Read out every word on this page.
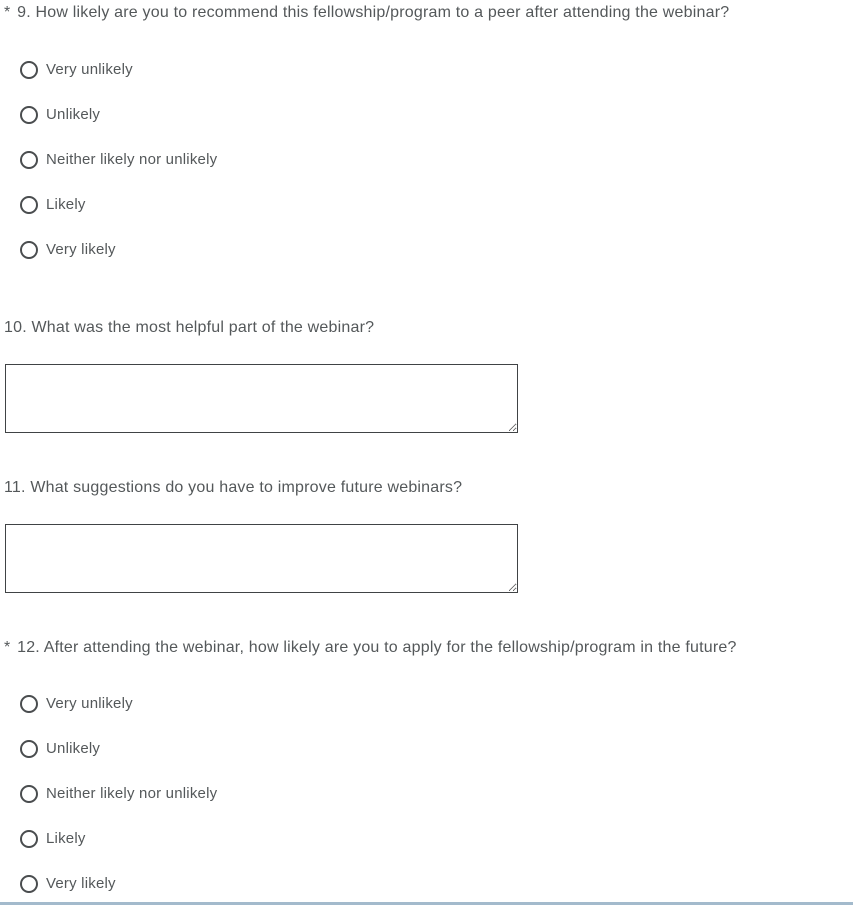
* 9. How likely are you to recommend this fellowship/program to a peer after attending the webinar?
Very unlikely
Unlikely
Neither likely nor unlikely
Likely
Very likely
10. What was the most helpful part of the webinar?
11. What suggestions do you have to improve future webinars?
* 12. After attending the webinar, how likely are you to apply for the fellowship/program in the future?
Very unlikely
Unlikely
Neither likely nor unlikely
Likely
Very likely
